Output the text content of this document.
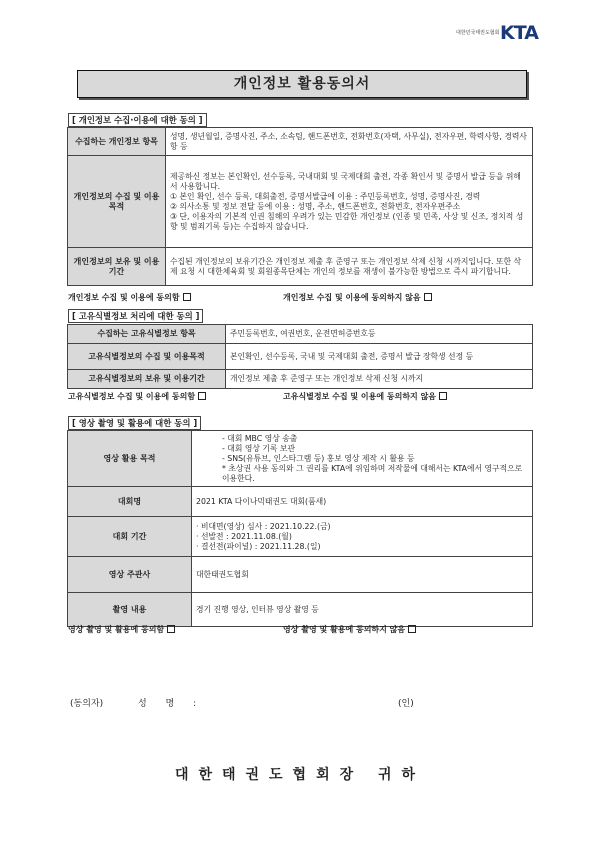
대한민국태권도협회 KTA
개인정보 활용동의서
[ 개인정보 수집·이용에 대한 동의 ]
수집하는 개인정보 항목	성명, 생년월일, 증명사진, 주소, 소속팀, 핸드폰번호, 전화번호(자택, 사무실), 전자우편, 학력사항, 경력사항 등
개인정보의 수집 및 이용목적	제공하신 정보는 본인확인, 선수등록, 국내대회 및 국제대회 출전, 각종 확인서 및 증명서 발급 등을 위해서 사용합니다.
① 본인 확인, 선수 등록, 대회출전, 증명서발급에 이용 : 주민등록번호, 성명, 증명사진, 경력
② 의사소통 및 정보 전달 등에 이용 : 성명, 주소, 핸드폰번호, 전화번호, 전자우편주소
③ 단, 이용자의 기본적 인권 침해의 우려가 있는 민감한 개인정보 (인종 및 민족, 사상 및 신조, 정치적 성향 및 범죄기록 등)는 수집하지 않습니다.

개인정보의 보유 및 이용기간	수집된 개인정보의 보유기간은 개인정보 제출 후 준영구 또는 개인정보 삭제 신청 시까지입니다. 또한 삭제 요청 시 대한체육회 및 회원종목단체는 개인의 정보를 재생이 불가능한 방법으로 즉시 파기합니다.
개인정보 수집 및 이용에 동의함	개인정보 수집 및 이용에 동의하지 않음
[ 고유식별정보 처리에 대한 동의 ]
수집하는 고유식별정보 항목	주민등록번호, 여권번호, 운전면허증번호등
고유식별정보의 수집 및 이용목적	본인확인, 선수등록, 국내 및 국제대회 출전, 증명서 발급 장학생 선정 등
고유식별정보의 보유 및 이용기간	개인정보 제출 후 준영구 또는 개인정보 삭제 신청 시까지
고유식별정보 수집 및 이용에 동의함	고유식별정보 수집 및 이용에 동의하지 않음
[ 영상 촬영 및 활용에 대한 동의 ]
영상 활용 목적	- 대회 MBC 영상 송출
- 대회 영상 기록 보관
- SNS(유튜브, 인스타그램 등) 홍보 영상 제작 시 활용 등
* 초상권 사용 동의와 그 권리를 KTA에 위임하며 저작물에 대해서는 KTA에서 영구적으로 이용한다.

대회명	2021 KTA 다이나믹태권도 대회(품새)
대회 기간	· 비대면(영상) 심사 : 2021.10.22.(금)
· 선발전 : 2021.11.08.(월)
· 결선전(파이널) : 2021.11.28.(일)

영상 주관사	대한태권도협회
촬영 내용	경기 진행 영상, 인터뷰 영상 촬영 등
영상 촬영 및 활용에 동의함	영상 촬영 및 활용에 동의하지 않음
(동의자)	성 명 :	(인)
대한태권도협회장 귀하
